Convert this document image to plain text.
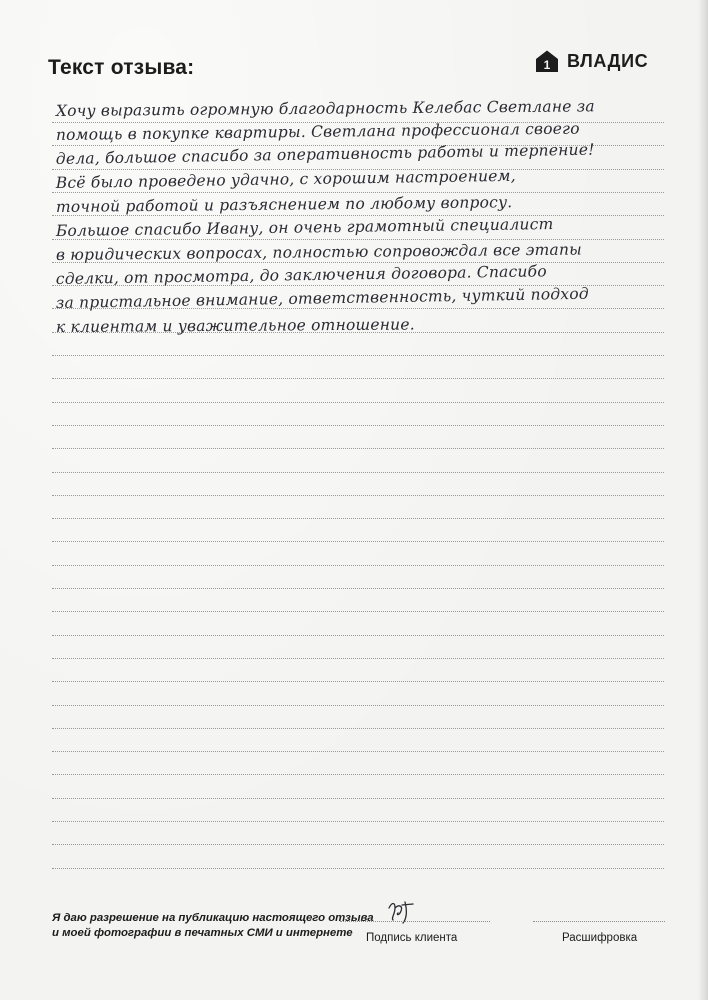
Текст отзыва:	1 ВЛАДИС
Хочу выразить огромную благодарность Келебас Светлане за
помощь в покупке квартиры. Светлана профессионал своего
дела, большое спасибо за оперативность работы и терпение!
Всё было проведено удачно, с хорошим настроением,
точной работой и разъяснением по любому вопросу.
Большое спасибо Ивану, он очень грамотный специалист
в юридических вопросах, полностью сопровождал все этапы
сделки, от просмотра, до заключения договора. Спасибо
за пристальное внимание, ответственность, чуткий подход
к клиентам и уважительное отношение.
Я даю разрешение на публикацию настоящего отзыва
и моей фотографии в печатных СМИ и интернете	Подпись клиента	Расшифровка
